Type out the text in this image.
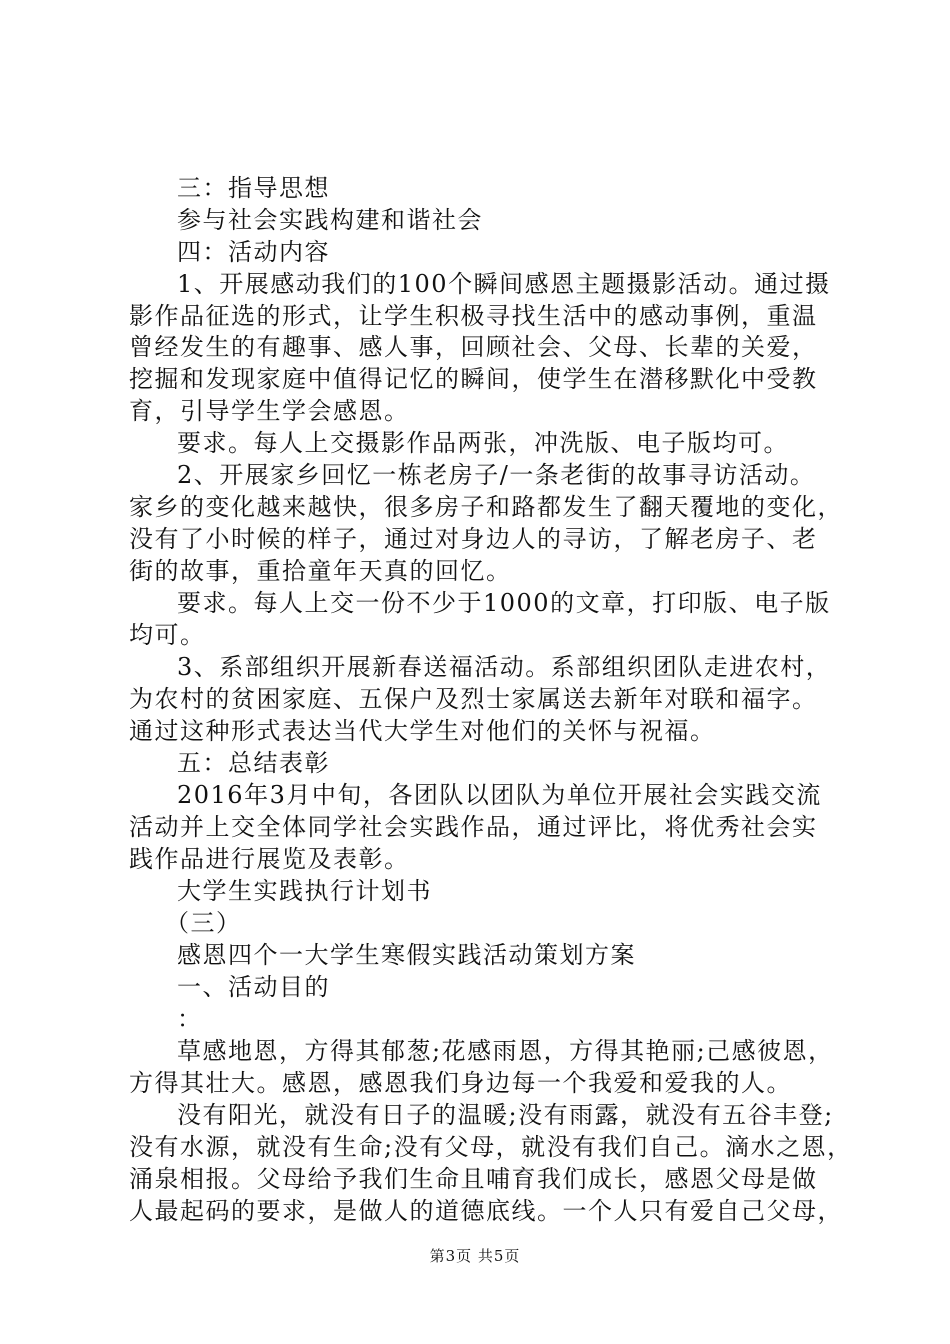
三：指导思想

参与社会实践构建和谐社会

四：活动内容

1、开展感动我们的100个瞬间感恩主题摄影活动。通过摄

影作品征选的形式，让学生积极寻找生活中的感动事例，重温

曾经发生的有趣事、感人事，回顾社会、父母、长辈的关爱，

挖掘和发现家庭中值得记忆的瞬间，使学生在潜移默化中受教

育，引导学生学会感恩。

要求。每人上交摄影作品两张，冲洗版、电子版均可。

2、开展家乡回忆一栋老房子/一条老街的故事寻访活动。

家乡的变化越来越快，很多房子和路都发生了翻天覆地的变化，

没有了小时候的样子，通过对身边人的寻访，了解老房子、老

街的故事，重拾童年天真的回忆。

要求。每人上交一份不少于1000的文章，打印版、电子版

均可。

3、系部组织开展新春送福活动。系部组织团队走进农村，

为农村的贫困家庭、五保户及烈士家属送去新年对联和福字。

通过这种形式表达当代大学生对他们的关怀与祝福。

五：总结表彰

2016年3月中旬，各团队以团队为单位开展社会实践交流

活动并上交全体同学社会实践作品，通过评比，将优秀社会实

践作品进行展览及表彰。

大学生实践执行计划书

（三）

感恩四个一大学生寒假实践活动策划方案

一、活动目的

：

草感地恩，方得其郁葱;花感雨恩，方得其艳丽;己感彼恩，

方得其壮大。感恩，感恩我们身边每一个我爱和爱我的人。

没有阳光，就没有日子的温暖;没有雨露，就没有五谷丰登;

没有水源，就没有生命;没有父母，就没有我们自己。滴水之恩，

涌泉相报。父母给予我们生命且哺育我们成长，感恩父母是做

人最起码的要求，是做人的道德底线。一个人只有爱自己父母，

第3页 共5页
